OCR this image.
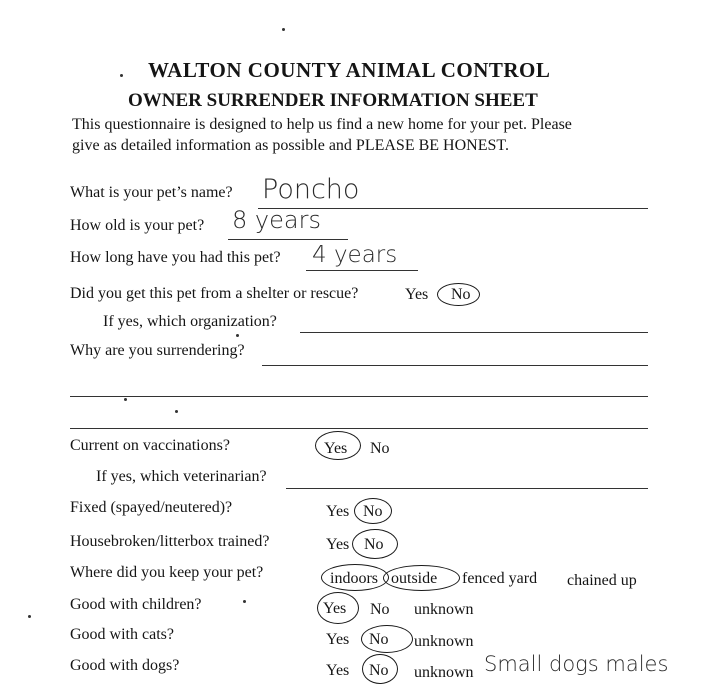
WALTON COUNTY ANIMAL CONTROL
OWNER SURRENDER INFORMATION SHEET
This questionnaire is designed to help us find a new home for your pet. Please
give as detailed information as possible and PLEASE BE HONEST.
What is your pet’s name? Poncho
How old is your pet? 8 years
How long have you had this pet? 4 years
Did you get this pet from a shelter or rescue?	Yes No
If yes, which organization?
Why are you surrendering?
Current on vaccinations?	Yes No
If yes, which veterinarian?
Fixed (spayed/neutered)?	Yes No
Housebroken/litterbox trained?	Yes No
Where did you keep your pet?	indoors outside fenced yard chained up
Good with children?	Yes No unknown
Good with cats?	Yes No unknown
Good with dogs?	Yes No unknown Small dogs males
